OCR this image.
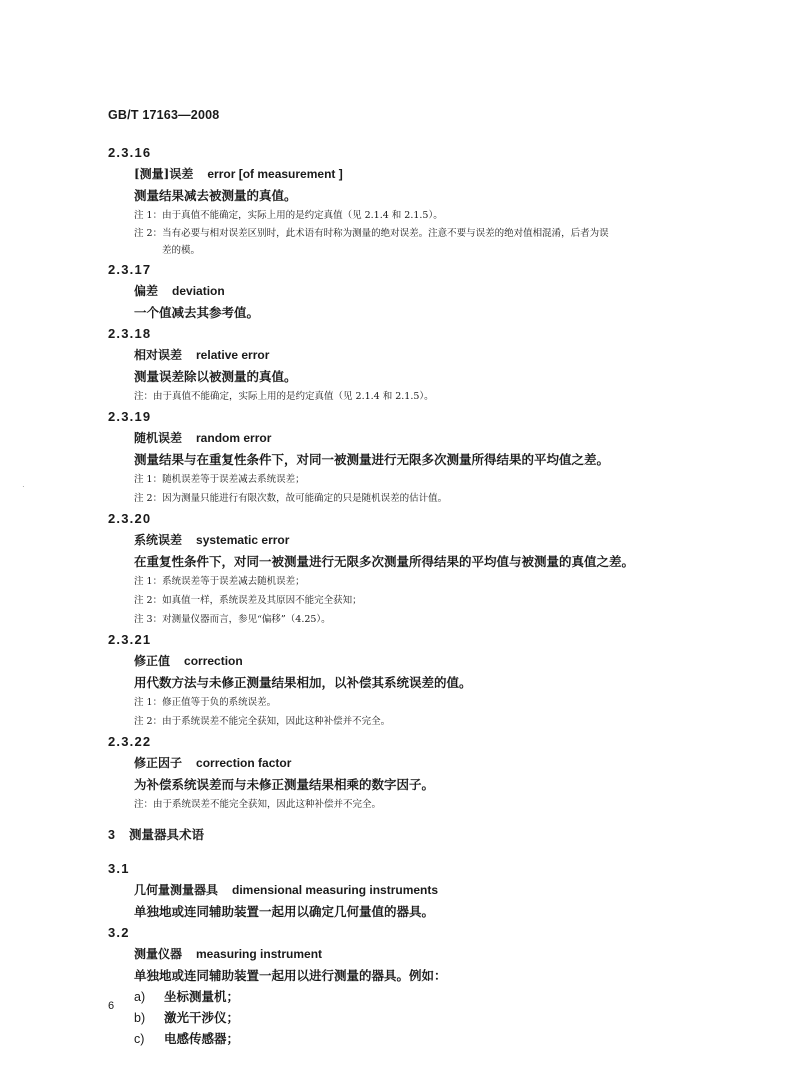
GB/T 17163—2008
·
2.3.16
[测量]误差 error [of measurement ]
测量结果减去被测量的真值。
注 1：由于真值不能确定，实际上用的是约定真值（见 2.1.4 和 2.1.5）。
注 2：当有必要与相对误差区别时，此术语有时称为测量的绝对误差。注意不要与误差的绝对值相混淆，后者为误
差的模。
2.3.17
偏差 deviation
一个值减去其参考值。
2.3.18
相对误差 relative error
测量误差除以被测量的真值。
注：由于真值不能确定，实际上用的是约定真值（见 2.1.4 和 2.1.5）。
2.3.19
随机误差 random error
测量结果与在重复性条件下，对同一被测量进行无限多次测量所得结果的平均值之差。
注 1：随机误差等于误差减去系统误差；
注 2：因为测量只能进行有限次数，故可能确定的只是随机误差的估计值。
2.3.20
系统误差 systematic error
在重复性条件下，对同一被测量进行无限多次测量所得结果的平均值与被测量的真值之差。
注 1：系统误差等于误差减去随机误差；
注 2：如真值一样，系统误差及其原因不能完全获知；
注 3：对测量仪器而言，参见“偏移”（4.25）。
2.3.21
修正值 correction
用代数方法与未修正测量结果相加，以补偿其系统误差的值。
注 1：修正值等于负的系统误差。
注 2：由于系统误差不能完全获知，因此这种补偿并不完全。
2.3.22
修正因子 correction factor
为补偿系统误差而与未修正测量结果相乘的数字因子。
注：由于系统误差不能完全获知，因此这种补偿并不完全。
3 测量器具术语
3.1
几何量测量器具 dimensional measuring instruments
单独地或连同辅助装置一起用以确定几何量值的器具。
3.2
测量仪器 measuring instrument
单独地或连同辅助装置一起用以进行测量的器具。例如：
a) 坐标测量机；
b) 激光干涉仪；
c) 电感传感器；
6
